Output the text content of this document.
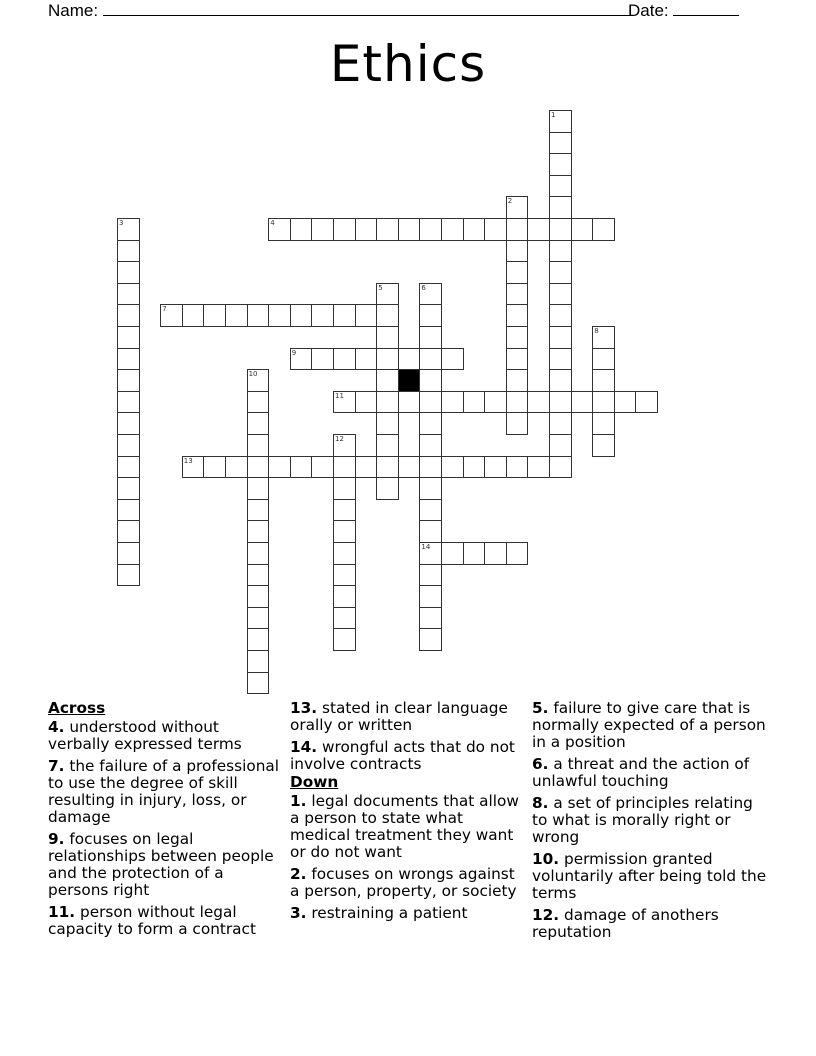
Name:	Date:
Ethics
1
2
3	4
5	6
14
7
8
9
10
11
12
13
Across
4. understood without verbally expressed terms
7. the failure of a professional to use the degree of skill resulting in injury, loss, or damage
9. focuses on legal relationships between people and the protection of a persons right
11. person without legal capacity to form a contract
13. stated in clear language orally or written
14. wrongful acts that do not involve contracts
Down
1. legal documents that allow a person to state what medical treatment they want or do not want
2. focuses on wrongs against a person, property, or society
3. restraining a patient
5. failure to give care that is normally expected of a person in a position
6. a threat and the action of unlawful touching
8. a set of principles relating to what is morally right or wrong
10. permission granted voluntarily after being told the terms
12. damage of anothers reputation
